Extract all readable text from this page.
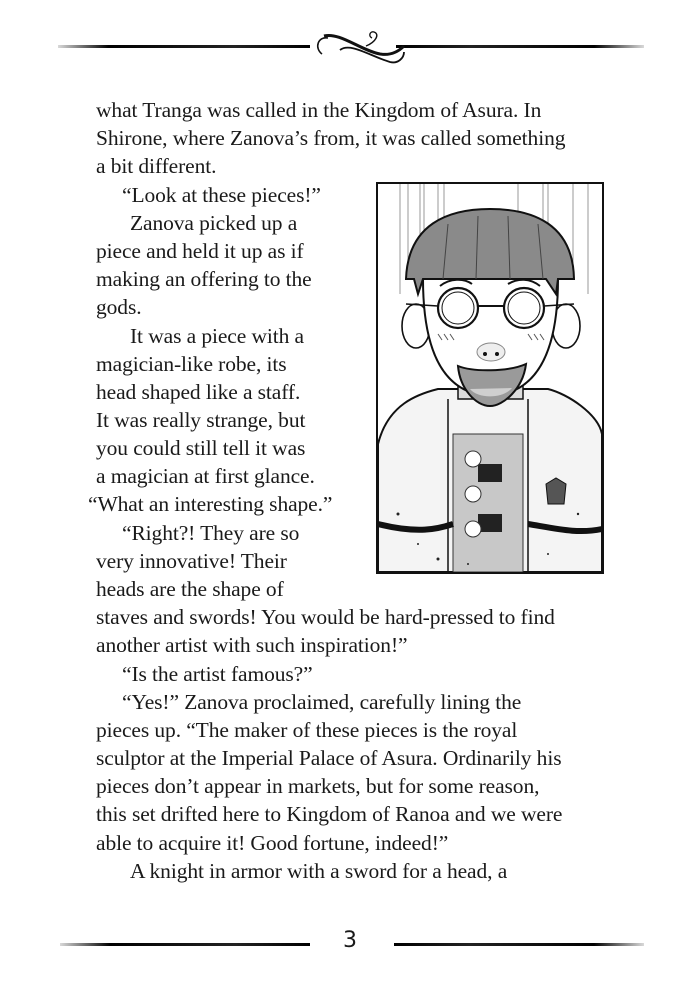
what Tranga was called in the Kingdom of Asura. In
Shirone, where Zanova’s from, it was called something
a bit different.
“Look at these pieces!”
Zanova picked up a
piece and held it up as if
making an offering to the
gods.
It was a piece with a
magician-like robe, its
head shaped like a staff.
It was really strange, but
you could still tell it was
a magician at first glance.
“What an interesting shape.”
“Right?! They are so
very innovative! Their
heads are the shape of
staves and swords! You would be hard-pressed to find
another artist with such inspiration!”
“Is the artist famous?”
“Yes!” Zanova proclaimed, carefully lining the
pieces up. “The maker of these pieces is the royal
sculptor at the Imperial Palace of Asura. Ordinarily his
pieces don’t appear in markets, but for some reason,
this set drifted here to Kingdom of Ranoa and we were
able to acquire it! Good fortune, indeed!”
A knight in armor with a sword for a head, a
3
